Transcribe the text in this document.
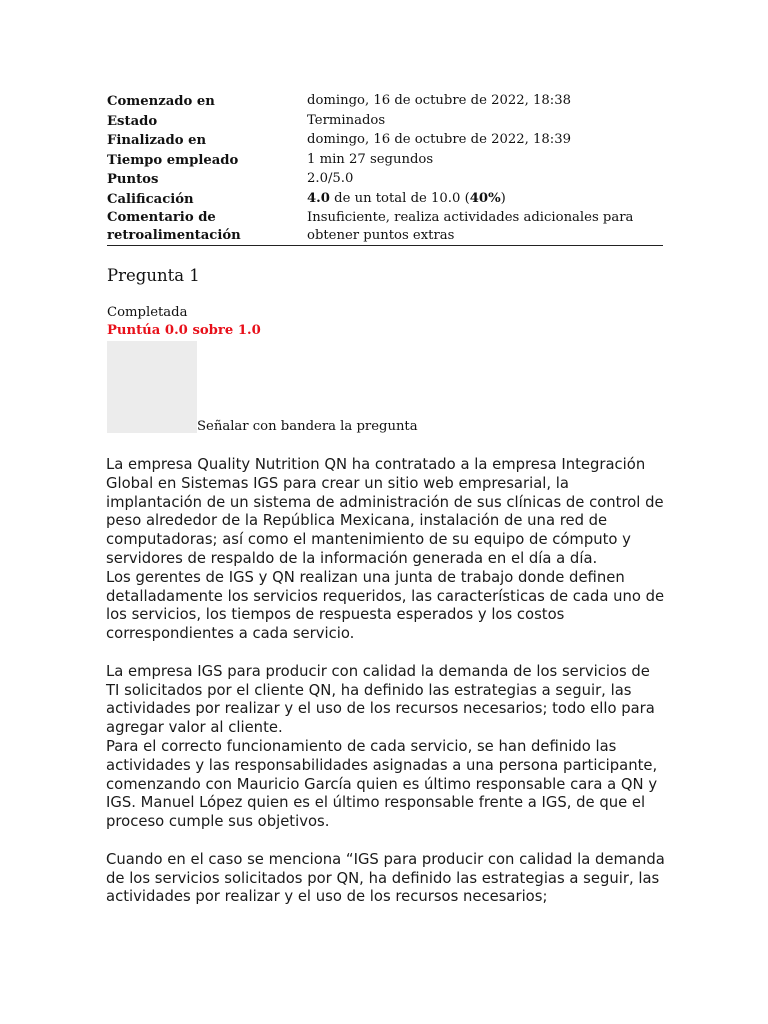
Comenzado en	domingo, 16 de octubre de 2022, 18:38
Estado	Terminados
Finalizado en	domingo, 16 de octubre de 2022, 18:39
Tiempo empleado	1 min 27 segundos
Puntos	2.0/5.0
Calificación	4.0 de un total de 10.0 (40%)
Comentario de retroalimentación	Insuficiente, realiza actividades adicionales para obtener puntos extras
Pregunta 1
Completada
Puntúa 0.0 sobre 1.0
Señalar con bandera la pregunta

La empresa Quality Nutrition QN ha contratado a la empresa Integración Global en Sistemas IGS para crear un sitio web empresarial, la implantación de un sistema de administración de sus clínicas de control de peso alrededor de la República Mexicana, instalación de una red de computadoras; así como el mantenimiento de su equipo de cómputo y servidores de respaldo de la información generada en el día a día.
Los gerentes de IGS y QN realizan una junta de trabajo donde definen detalladamente los servicios requeridos, las características de cada uno de los servicios, los tiempos de respuesta esperados y los costos correspondientes a cada servicio.

La empresa IGS para producir con calidad la demanda de los servicios de TI solicitados por el cliente QN, ha definido las estrategias a seguir, las actividades por realizar y el uso de los recursos necesarios; todo ello para agregar valor al cliente.
Para el correcto funcionamiento de cada servicio, se han definido las actividades y las responsabilidades asignadas a una persona participante, comenzando con Mauricio García quien es último responsable cara a QN y IGS. Manuel López quien es el último responsable frente a IGS, de que el proceso cumple sus objetivos.

Cuando en el caso se menciona “IGS para producir con calidad la demanda de los servicios solicitados por QN, ha definido las estrategias a seguir, las actividades por realizar y el uso de los recursos necesarios;
